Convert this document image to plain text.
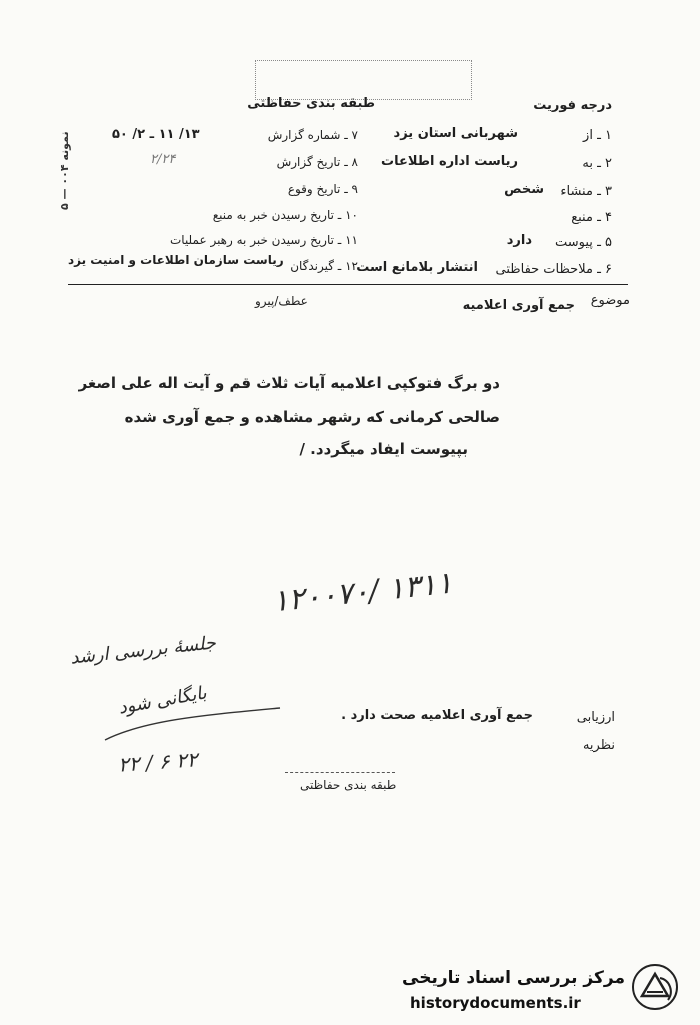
درجه فوریت
طبقه بندی حفاظتی
نمونه ۰۰۴ — ۵	۱ ـ از
شهربانی استان یزد
۲ ـ به
ریاست اداره اطلاعات
۳ ـ منشاء
شخص
۴ ـ منبع
۵ ـ پیوست
دارد
۶ ـ ملاحظات حفاظتی
انتشار بلامانع است
۷ ـ شماره گزارش
۱۳/ ۱۱ ـ ۲/ ۵۰
۸ ـ تاریخ گزارش
۲/۲۴
۹ ـ تاریخ وقوع
۱۰ ـ تاریخ رسیدن خبر به منبع
۱۱ ـ تاریخ رسیدن خبر به رهبر عملیات
۱۲ ـ گیرندگان
ریاست سازمان اطلاعات و امنیت یزد
عطف/پیرو	موضوع
جمع آوری اعلامیه
دو برگ فتوکپی اعلامیه آیات ثلاث قم و آیت اله علی اصغر
صالحی کرمانی که رشهر مشاهده و جمع آوری شده
بپیوست ایفاد میگردد. /
۱۲۰۰۷۰/ ۱۳۱۱
جلسهٔ بررسی ارشد
بایگانی شود
۲۲ / ۶ ۲۲
ارزیابی
جمع آوری اعلامیه صحت دارد .
نظریه
طبقه بندی حفاظتی
مرکز بررسی اسناد تاریخی
historydocuments.ir
